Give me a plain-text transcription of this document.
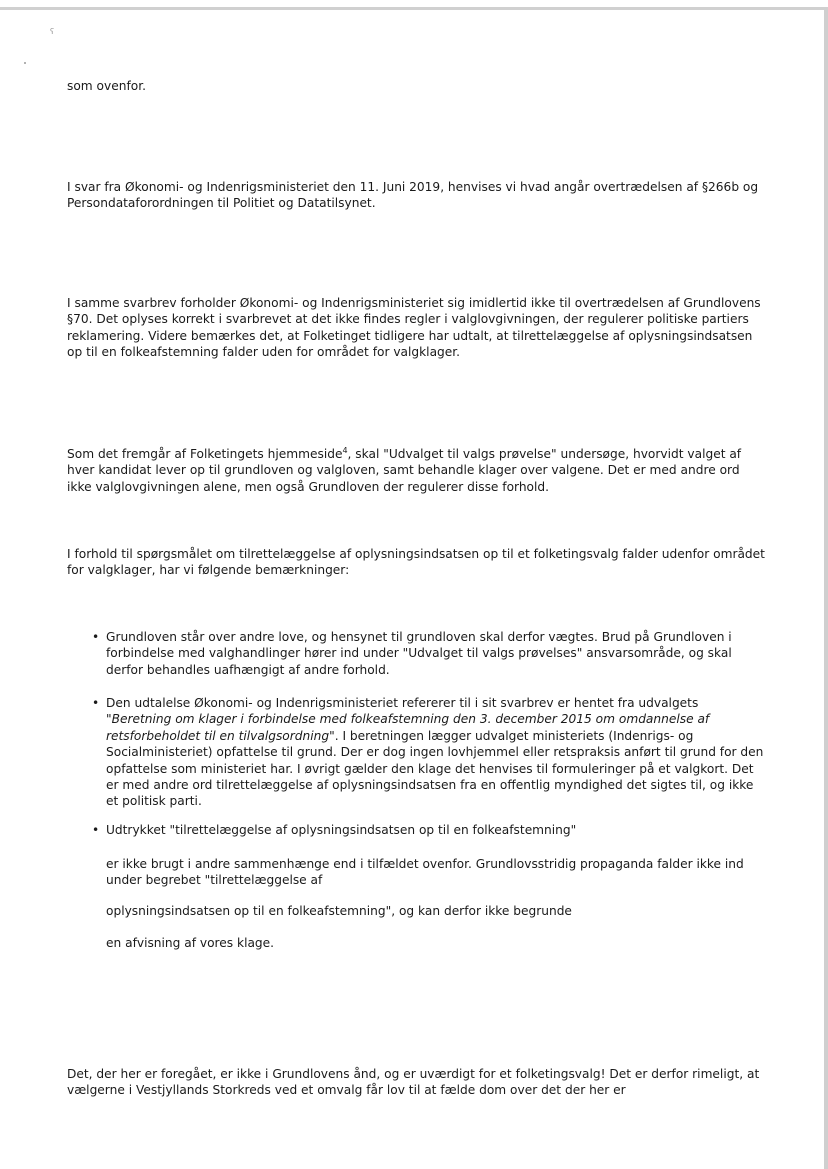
ʕ

som ovenfor.

I svar fra Økonomi- og Indenrigsministeriet den 11. Juni 2019, henvises vi hvad angår overtrædelsen af §266b og Persondataforordningen til Politiet og Datatilsynet.

I samme svarbrev forholder Økonomi- og Indenrigsministeriet sig imidlertid ikke til overtrædelsen af Grundlovens §70. Det oplyses korrekt i svarbrevet at det ikke findes regler i valglovgivningen, der regulerer politiske partiers reklamering. Videre bemærkes det, at Folketinget tidligere har udtalt, at tilrettelæggelse af oplysningsindsatsen op til en folkeafstemning falder uden for området for valgklager.

Som det fremgår af Folketingets hjemmeside$^4$, skal "Udvalget til valgs prøvelse" undersøge, hvorvidt valget af hver kandidat lever op til grundloven og valgloven, samt behandle klager over valgene. Det er med andre ord ikke valglovgivningen alene, men også Grundloven der regulerer disse forhold.

I forhold til spørgsmålet om tilrettelæggelse af oplysningsindsatsen op til et folketingsvalg falder udenfor området for valgklager, har vi følgende bemærkninger:

• Grundloven står over andre love, og hensynet til grundloven skal derfor vægtes. Brud på Grundloven i forbindelse med valghandlinger hører ind under "Udvalget til valgs prøvelses" ansvarsområde, og skal derfor behandles uafhængigt af andre forhold.
• Den udtalelse Økonomi- og Indenrigsministeriet refererer til i sit svarbrev er hentet fra udvalgets "Beretning om klager i forbindelse med folkeafstemning den 3. december 2015 om omdannelse af retsforbeholdet til en tilvalgsordning". I beretningen lægger udvalget ministeriets (Indenrigs- og Socialministeriet) opfattelse til grund. Der er dog ingen lovhjemmel eller retspraksis anført til grund for den opfattelse som ministeriet har. I øvrigt gælder den klage det henvises til formuleringer på et valgkort. Det er med andre ord tilrettelæggelse af oplysningsindsatsen fra en offentlig myndighed det sigtes til, og ikke et politisk parti.
• Udtrykket "tilrettelæggelse af oplysningsindsatsen op til en folkeafstemning"

er ikke brugt i andre sammenhænge end i tilfældet ovenfor. Grundlovsstridig propaganda falder ikke ind under begrebet "tilrettelæggelse af

oplysningsindsatsen op til en folkeafstemning", og kan derfor ikke begrunde

en afvisning af vores klage.

Det, der her er foregået, er ikke i Grundlovens ånd, og er uværdigt for et folketingsvalg! Det er derfor rimeligt, at vælgerne i Vestjyllands Storkreds ved et omvalg får lov til at fælde dom over det der her er
